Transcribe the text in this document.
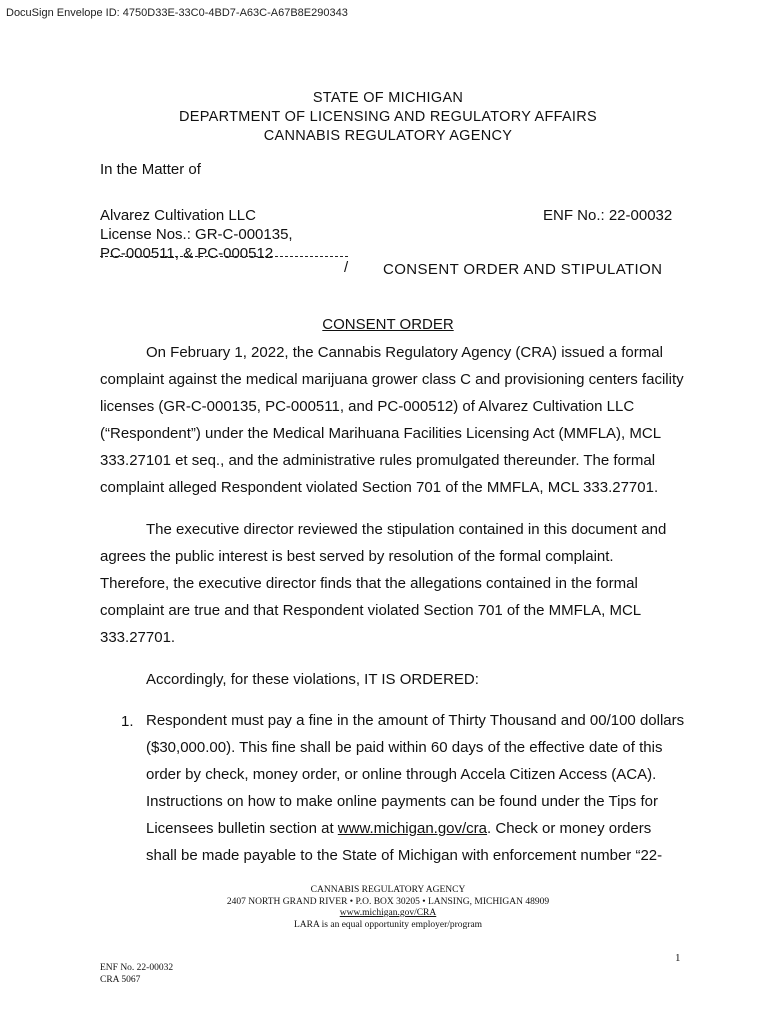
DocuSign Envelope ID: 4750D33E-33C0-4BD7-A63C-A67B8E290343
STATE OF MICHIGAN
DEPARTMENT OF LICENSING AND REGULATORY AFFAIRS
CANNABIS REGULATORY AGENCY
In the Matter of
Alvarez Cultivation LLC
License Nos.: GR-C-000135,
PC-000511, & PC-000512
ENF No.: 22-00032
/ CONSENT ORDER AND STIPULATION
CONSENT ORDER
On February 1, 2022, the Cannabis Regulatory Agency (CRA) issued a formal
complaint against the medical marijuana grower class C and provisioning centers facility
licenses (GR-C-000135, PC-000511, and PC-000512) of Alvarez Cultivation LLC
(“Respondent”) under the Medical Marihuana Facilities Licensing Act (MMFLA), MCL
333.27101 et seq., and the administrative rules promulgated thereunder. The formal
complaint alleged Respondent violated Section 701 of the MMFLA, MCL 333.27701.
The executive director reviewed the stipulation contained in this document and
agrees the public interest is best served by resolution of the formal complaint.
Therefore, the executive director finds that the allegations contained in the formal
complaint are true and that Respondent violated Section 701 of the MMFLA, MCL
333.27701.
Accordingly, for these violations, IT IS ORDERED:
1. Respondent must pay a fine in the amount of Thirty Thousand and 00/100 dollars
($30,000.00). This fine shall be paid within 60 days of the effective date of this
order by check, money order, or online through Accela Citizen Access (ACA).
Instructions on how to make online payments can be found under the Tips for
Licensees bulletin section at www.michigan.gov/cra. Check or money orders
shall be made payable to the State of Michigan with enforcement number “22-
CANNABIS REGULATORY AGENCY
2407 NORTH GRAND RIVER • P.O. BOX 30205 • LANSING, MICHIGAN 48909
www.michigan.gov/CRA
LARA is an equal opportunity employer/program
1
ENF No. 22-00032
CRA 5067
